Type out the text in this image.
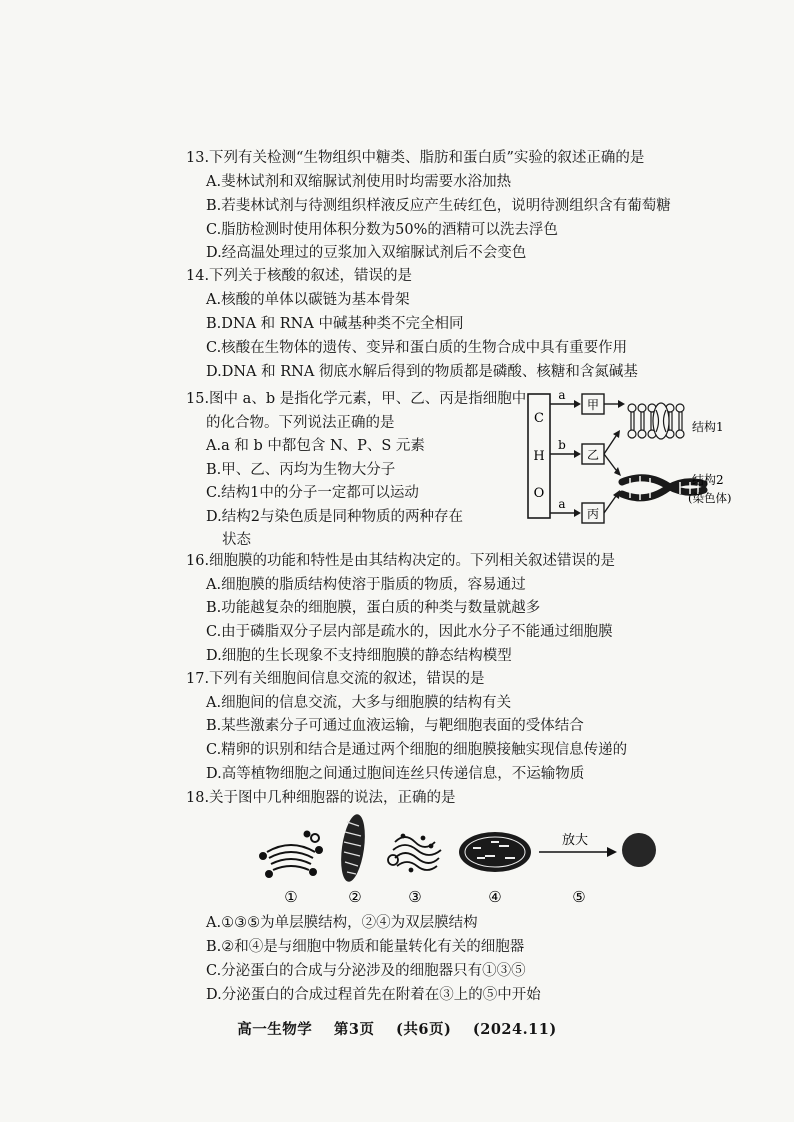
13.下列有关检测“生物组织中糖类、脂肪和蛋白质”实验的叙述正确的是
A.斐林试剂和双缩脲试剂使用时均需要水浴加热
B.若斐林试剂与待测组织样液反应产生砖红色，说明待测组织含有葡萄糖
C.脂肪检测时使用体积分数为50%的酒精可以洗去浮色
D.经高温处理过的豆浆加入双缩脲试剂后不会变色
14.下列关于核酸的叙述，错误的是
A.核酸的单体以碳链为基本骨架
B.DNA 和 RNA 中碱基种类不完全相同
C.核酸在生物体的遗传、变异和蛋白质的生物合成中具有重要作用
D.DNA 和 RNA 彻底水解后得到的物质都是磷酸、核糖和含氮碱基
15.图中 a、b 是指化学元素，甲、乙、丙是指细胞中
的化合物。下列说法正确的是
A.a 和 b 中都包含 N、P、S 元素
B.甲、乙、丙均为生物大分子
C.结构1中的分子一定都可以运动
D.结构2与染色质是同种物质的两种存在
状态
C
H
O
a
b
a
甲
乙
丙
结构1
结构2
(染色体)
16.细胞膜的功能和特性是由其结构决定的。下列相关叙述错误的是
A.细胞膜的脂质结构使溶于脂质的物质，容易通过
B.功能越复杂的细胞膜，蛋白质的种类与数量就越多
C.由于磷脂双分子层内部是疏水的，因此水分子不能通过细胞膜
D.细胞的生长现象不支持细胞膜的静态结构模型
17.下列有关细胞间信息交流的叙述，错误的是
A.细胞间的信息交流，大多与细胞膜的结构有关
B.某些激素分子可通过血液运输，与靶细胞表面的受体结合
C.精卵的识别和结合是通过两个细胞的细胞膜接触实现信息传递的
D.高等植物细胞之间通过胞间连丝只传递信息，不运输物质
18.关于图中几种细胞器的说法，正确的是
①	②	③	④
放大
⑤
A.①③⑤为单层膜结构，②④为双层膜结构
B.②和④是与细胞中物质和能量转化有关的细胞器
C.分泌蛋白的合成与分泌涉及的细胞器只有①③⑤
D.分泌蛋白的合成过程首先在附着在③上的⑤中开始
高一生物学 第3页 (共6页) (2024.11)
